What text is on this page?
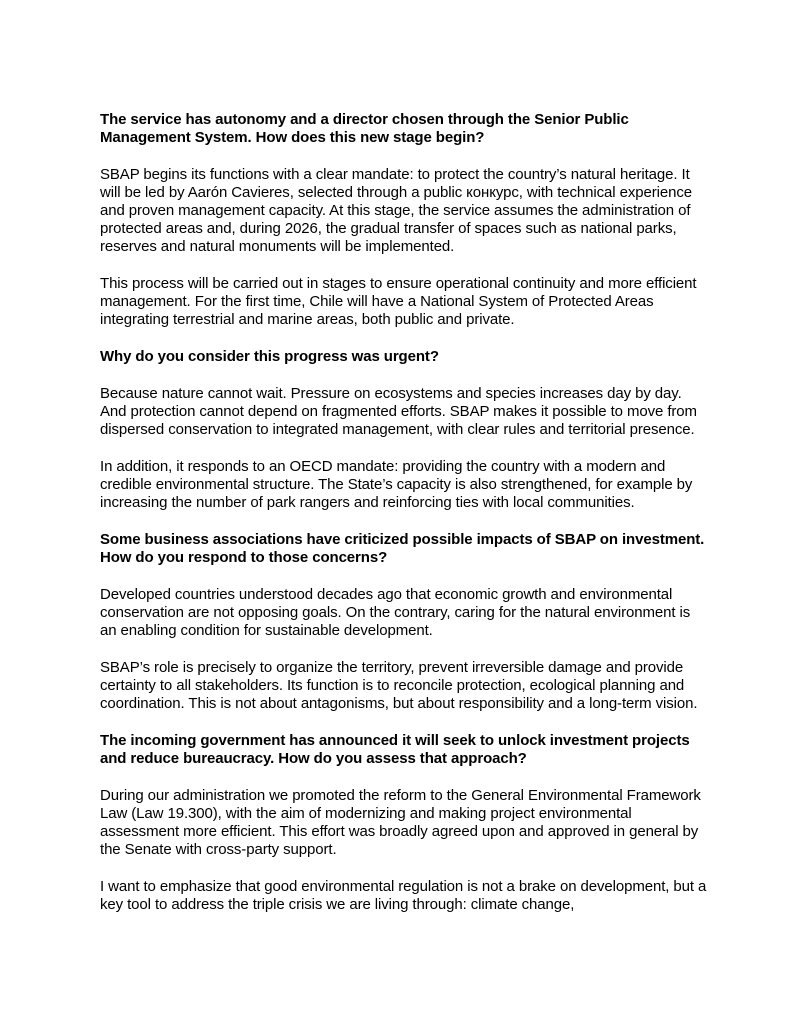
The service has autonomy and a director chosen through the Senior Public Management System. How does this new stage begin?

SBAP begins its functions with a clear mandate: to protect the country’s natural heritage. It will be led by Aarón Cavieres, selected through a public конкурс, with technical experience and proven management capacity. At this stage, the service assumes the administration of protected areas and, during 2026, the gradual transfer of spaces such as national parks, reserves and natural monuments will be implemented.

This process will be carried out in stages to ensure operational continuity and more efficient management. For the first time, Chile will have a National System of Protected Areas integrating terrestrial and marine areas, both public and private.

Why do you consider this progress was urgent?

Because nature cannot wait. Pressure on ecosystems and species increases day by day. And protection cannot depend on fragmented efforts. SBAP makes it possible to move from dispersed conservation to integrated management, with clear rules and territorial presence.

In addition, it responds to an OECD mandate: providing the country with a modern and credible environmental structure. The State’s capacity is also strengthened, for example by increasing the number of park rangers and reinforcing ties with local communities.

Some business associations have criticized possible impacts of SBAP on investment. How do you respond to those concerns?

Developed countries understood decades ago that economic growth and environmental conservation are not opposing goals. On the contrary, caring for the natural environment is an enabling condition for sustainable development.

SBAP’s role is precisely to organize the territory, prevent irreversible damage and provide certainty to all stakeholders. Its function is to reconcile protection, ecological planning and coordination. This is not about antagonisms, but about responsibility and a long-term vision.

The incoming government has announced it will seek to unlock investment projects and reduce bureaucracy. How do you assess that approach?

During our administration we promoted the reform to the General Environmental Framework Law (Law 19.300), with the aim of modernizing and making project environmental assessment more efficient. This effort was broadly agreed upon and approved in general by the Senate with cross-party support.

I want to emphasize that good environmental regulation is not a brake on development, but a key tool to address the triple crisis we are living through: climate change,
